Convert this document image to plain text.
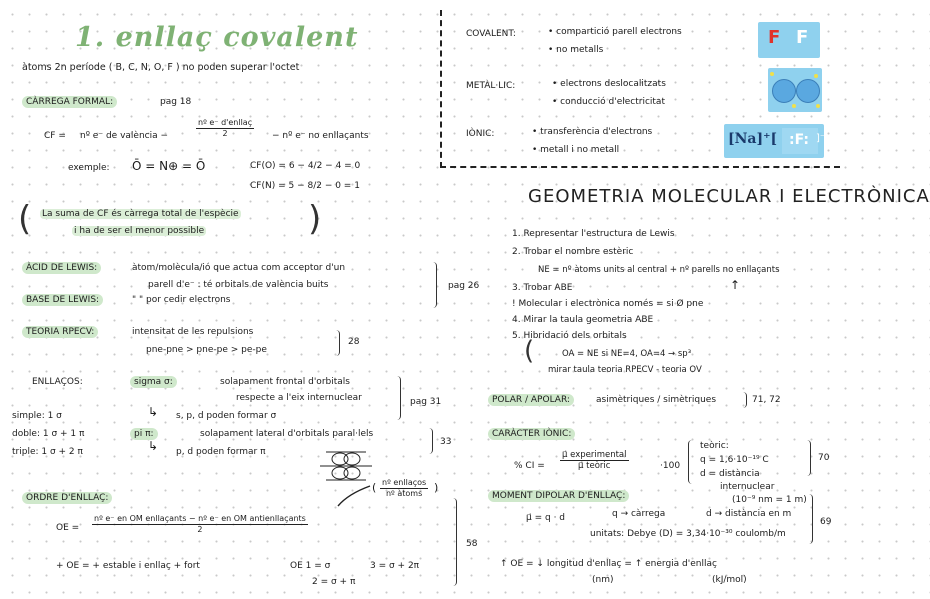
1. enllaç covalent
àtoms 2n període ( B, C, N, O, F ) no poden superar l'octet
CÀRREGA FORMAL:	pag 18
CF = nº e⁻ de valència −	$\frac{\text{nº e⁻ d'enllaç}}{2}$ − nº e⁻ no enllaçants
exemple: Ō = N⊕ = Ō	CF(O) = 6 − 4/2 − 4 = 0
CF(N) = 5 − 8/2 − 0 = 1
( La suma de CF és càrrega total de l'espècie
i ha de ser el menor possible	)
ÀCID DE LEWIS:	àtom/molècula/ió que actua com acceptor d'un
parell d'e⁻ : té orbitals de valència buits
BASE DE LEWIS:	" " por cedir electrons
pag 26
TEORIA RPECV:	intensitat de les repulsions
pne-pne > pne-pe > pe-pe
28
ENLLAÇOS:	sigma σ:	solapament frontal d'orbitals
respecte a l'eix internuclear
↳ s, p, d poden formar σ
pag 31
simple: 1 σ
doble: 1 σ + 1 π
triple: 1 σ + 2 π
pi π:	solapament lateral d'orbitals paral·lels
↳ p, d poden formar π
33
ORDRE D'ENLLAÇ:
( $\frac{\text{nº enllaços}}{\text{nº àtoms}}$ )
OE = $\frac{\text{nº e⁻ en OM enllaçants − nº e⁻ en OM antienllaçants}}{2}$
+ OE = + estable i enllaç + fort	OE 1 = σ	3 = σ + 2π
2 = σ + π
58
COVALENT:	• compartició parell electrons
• no metalls
METÀL·LIC:	• electrons deslocalitzats
• conducció d'electricitat
IÒNIC:	• transferència d'electrons
• metall i no metall
F F
[Na]⁺[ :F: ]⁻
GEOMETRIA MOLECULAR I ELECTRÒNICA
1. Representar l'estructura de Lewis
2. Trobar el nombre estèric
NE = nº àtoms units al central + nº parells no enllaçants
↑
3. Trobar ABE
! Molecular i electrònica només = si Ø pne
4. Mirar la taula geometria ABE
5. Hibridació dels orbitals
(	OA = NE si NE=4, OA=4 → sp³
mirar taula teoria RPECV - teoria OV
POLAR / APOLAR:	asimètriques / simètriques	71, 72
CARÀCTER IÒNIC:
% CI = $\frac{\text{μ⃗ experimental}}{\text{μ⃗ teòric}}$	·100
teòric:
q = 1,6·10⁻¹⁹ C
d = distància
internuclear
70
MOMENT DIPOLAR D'ENLLAÇ:	(10⁻⁹ nm = 1 m)
μ⃗ = q · d	q → càrrega	d → distància en m
unitats: Debye (D) = 3,34·10⁻³⁰ coulomb/m
69
↑ OE = ↓ longitud d'enllaç = ↑ energia d'enllaç
(nm)	(kJ/mol)
